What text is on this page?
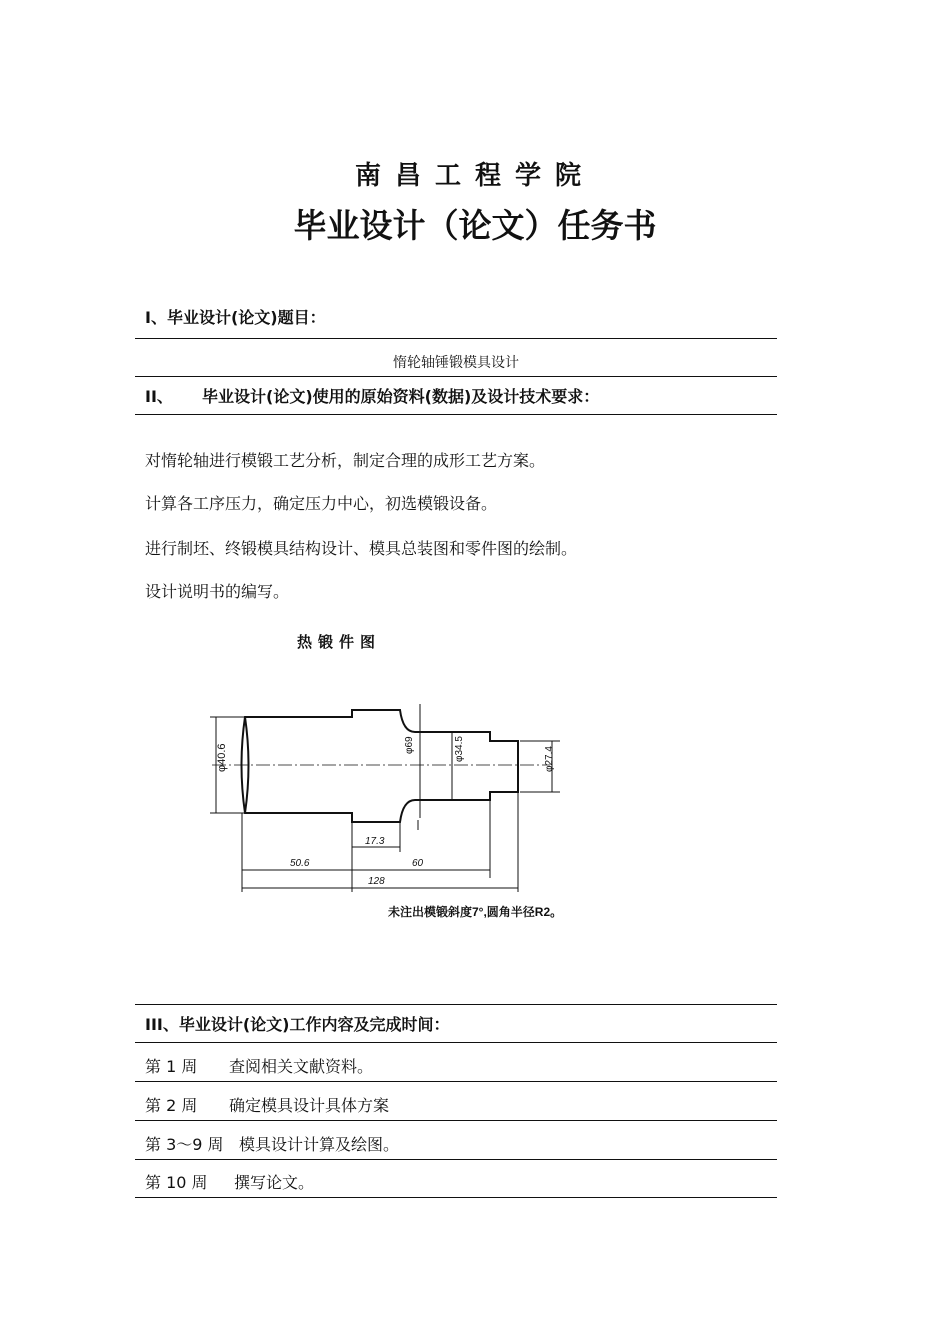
南昌工程学院
毕业设计（论文）任务书
I、毕业设计(论文)题目：
惰轮轴锤锻模具设计
II、 毕业设计(论文)使用的原始资料(数据)及设计技术要求：
对惰轮轴进行模锻工艺分析，制定合理的成形工艺方案。
计算各工序压力，确定压力中心，初选模锻设备。
进行制坯、终锻模具结构设计、模具总装图和零件图的绘制。
设计说明书的编写。
热锻件图
φ40.6	φ69	φ34.5	φ27.4
17.3
50.6	60
128
未注出模锻斜度7°,圆角半径R2。
III、毕业设计(论文)工作内容及完成时间：
第 1 周 查阅相关文献资料。
第 2 周 确定模具设计具体方案
第 3～9 周 模具设计计算及绘图。
第 10 周 撰写论文。
